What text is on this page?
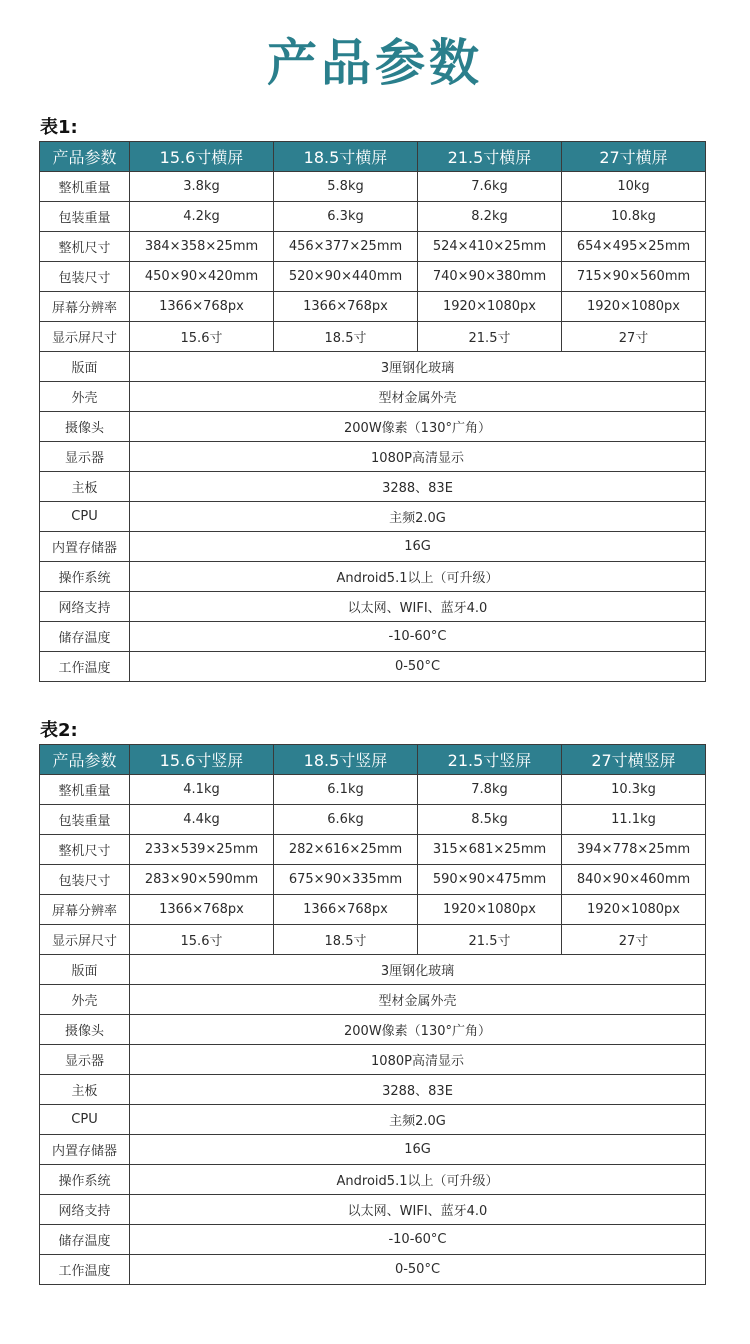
产品参数
表1:
产品参数	15.6寸横屏	18.5寸横屏	21.5寸横屏	27寸横屏
整机重量	3.8kg	5.8kg	7.6kg	10kg
包装重量	4.2kg	6.3kg	8.2kg	10.8kg
整机尺寸	384×358×25mm	456×377×25mm	524×410×25mm	654×495×25mm
包装尺寸	450×90×420mm	520×90×440mm	740×90×380mm	715×90×560mm
屏幕分辨率	1366×768px	1366×768px	1920×1080px	1920×1080px
显示屏尺寸	15.6寸	18.5寸	21.5寸	27寸
版面	3厘钢化玻璃			
外壳	型材金属外壳			
摄像头	200W像素（130°广角）			
显示器	1080P高清显示			
主板	3288、83E			
CPU	主频2.0G			
内置存储器	16G			
操作系统	Android5.1以上（可升级）			
网络支持	以太网、WIFI、蓝牙4.0			
储存温度	-10-60°C			
工作温度	0-50°C			
表2:
产品参数	15.6寸竖屏	18.5寸竖屏	21.5寸竖屏	27寸横竖屏
整机重量	4.1kg	6.1kg	7.8kg	10.3kg
包装重量	4.4kg	6.6kg	8.5kg	11.1kg
整机尺寸	233×539×25mm	282×616×25mm	315×681×25mm	394×778×25mm
包装尺寸	283×90×590mm	675×90×335mm	590×90×475mm	840×90×460mm
屏幕分辨率	1366×768px	1366×768px	1920×1080px	1920×1080px
显示屏尺寸	15.6寸	18.5寸	21.5寸	27寸
版面	3厘钢化玻璃			
外壳	型材金属外壳			
摄像头	200W像素（130°广角）			
显示器	1080P高清显示			
主板	3288、83E			
CPU	主频2.0G			
内置存储器	16G			
操作系统	Android5.1以上（可升级）			
网络支持	以太网、WIFI、蓝牙4.0			
储存温度	-10-60°C			
工作温度	0-50°C			
